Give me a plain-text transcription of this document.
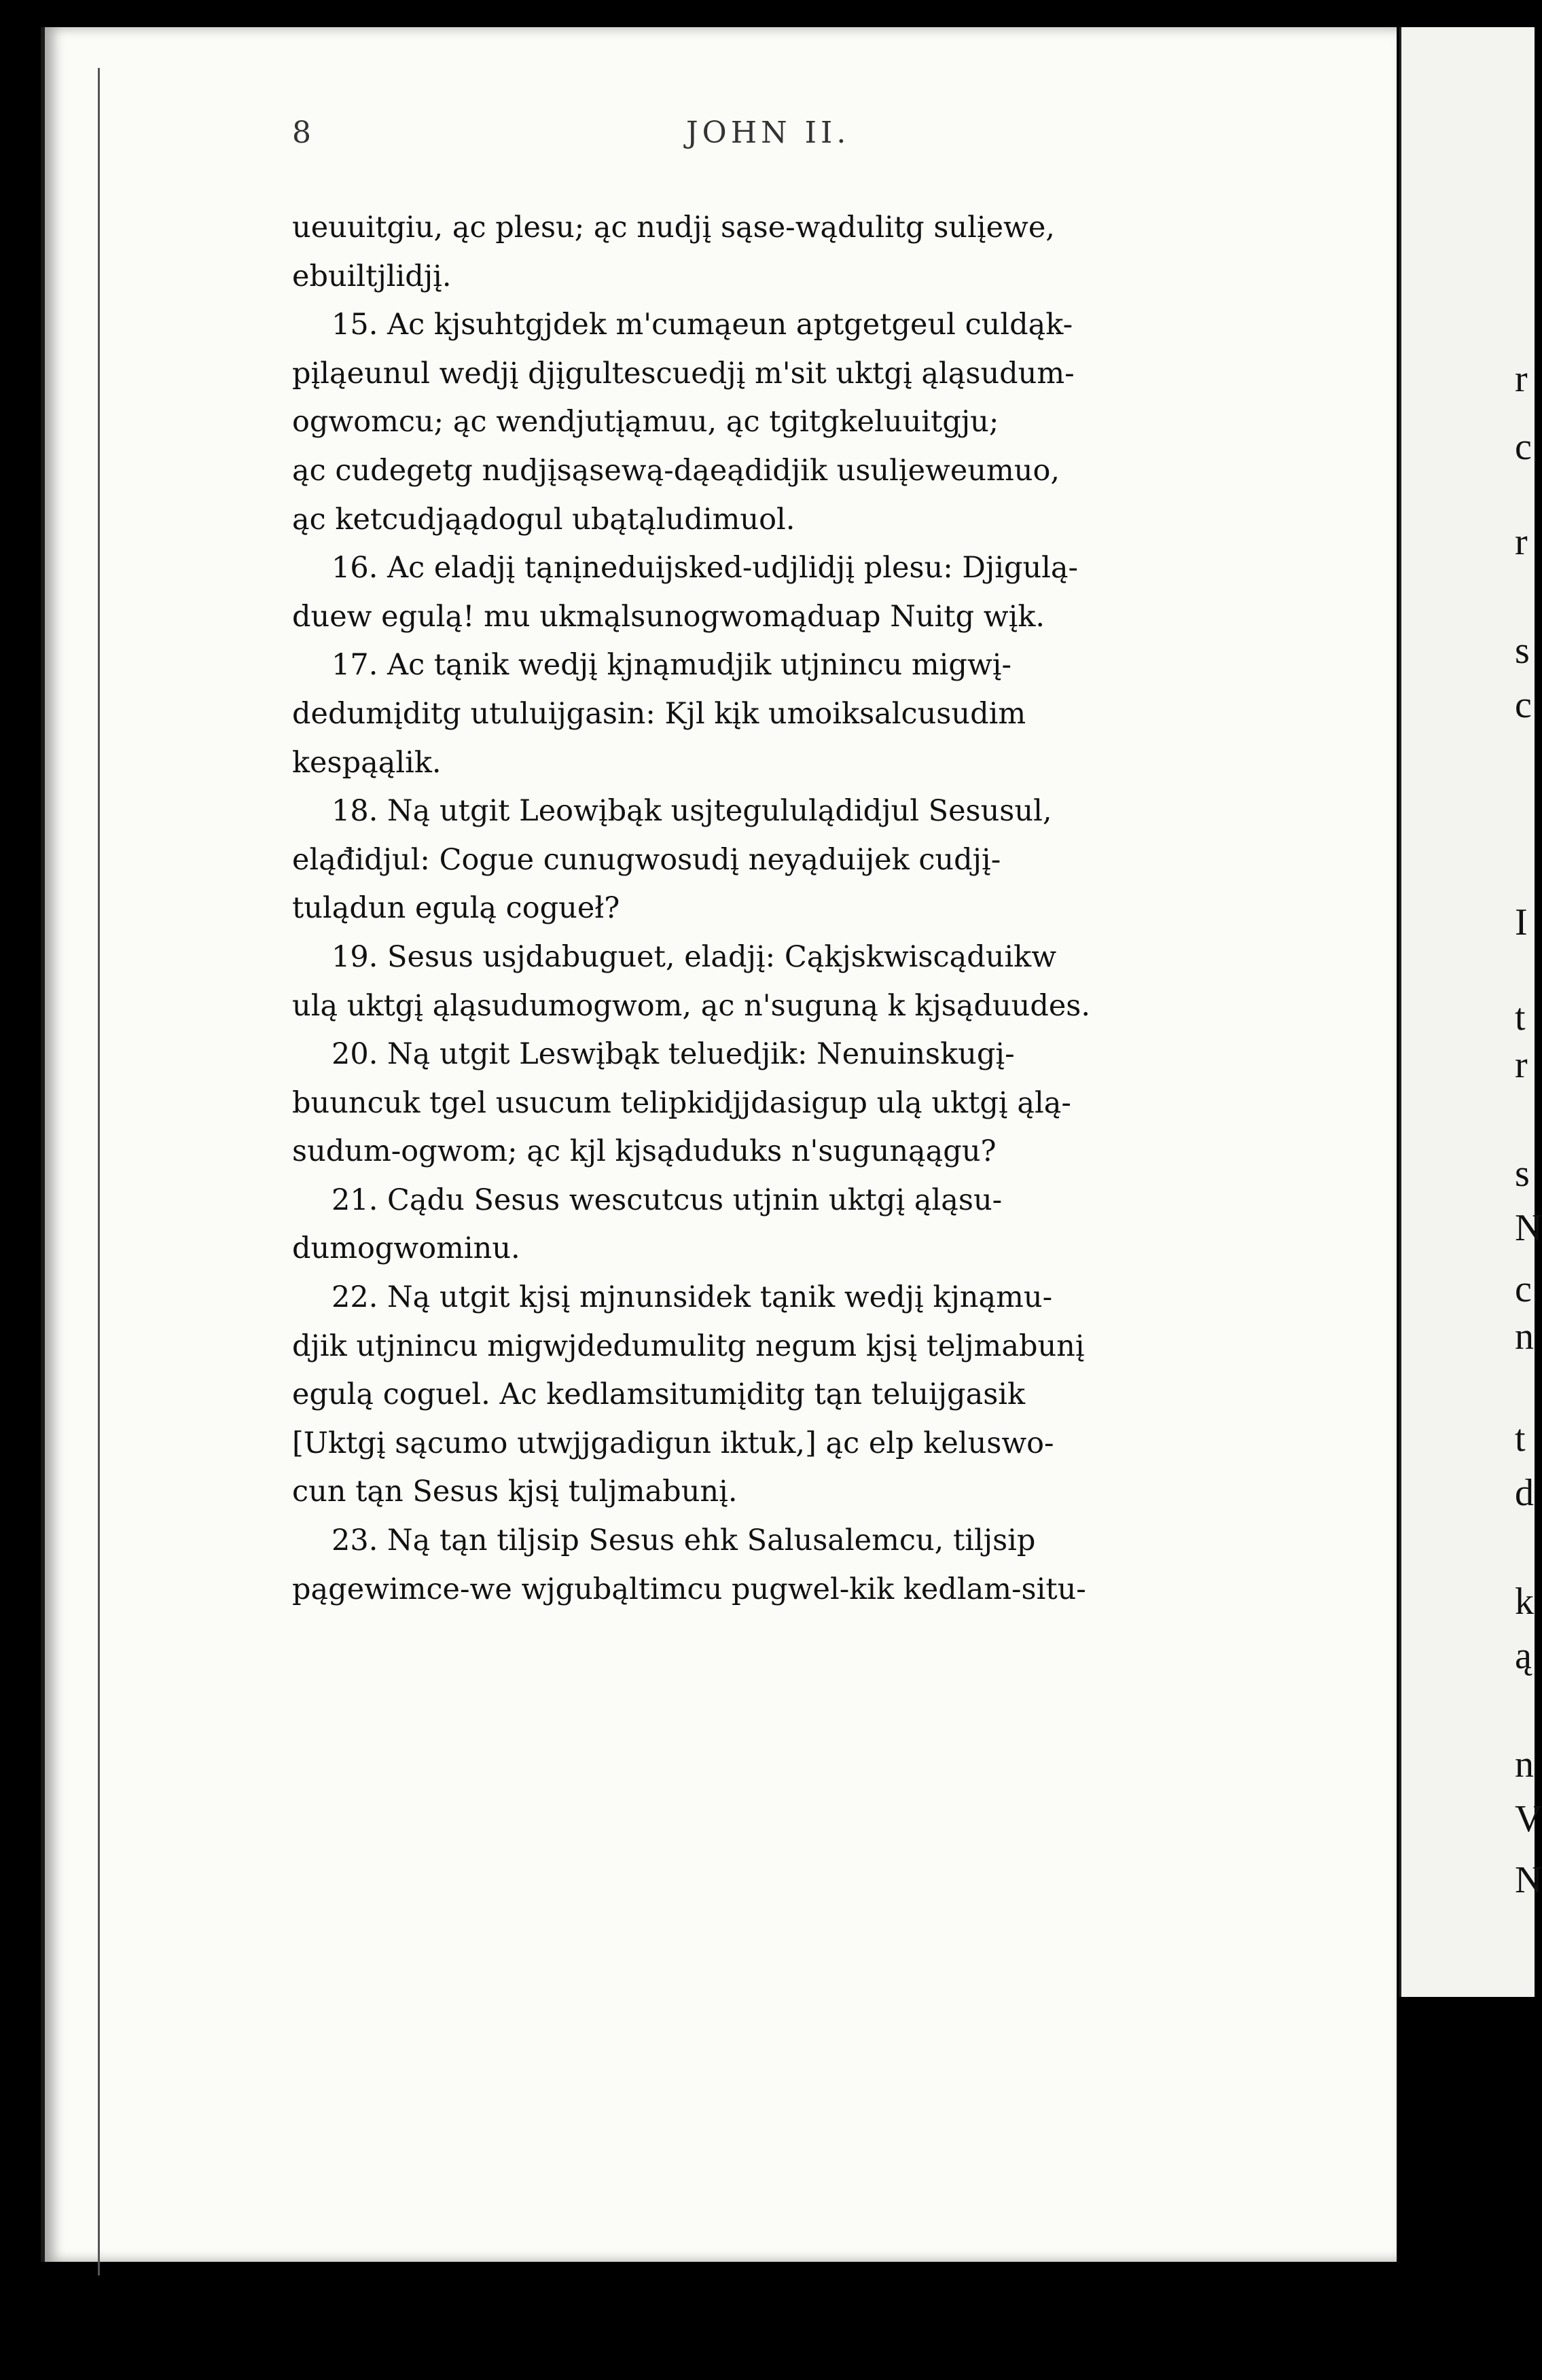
8	JOHN II.
ueuuitgiu, ąc plesu; ąc nudjį sąse-wądulitg sulįewe,
ebuiltjlidjį.
15. Ac kjsuhtgjdek m'cumąeun aptgetgeul culdąk-
pįląeunul wedjį djįgultescuedjį m'sit uktgį ąląsudum-
ogwomcu; ąc wendjutįąmuu, ąc tgitgkeluuitgju;
ąc cudegetg nudjįsąsewą-dąeądidjik usulįeweumuo,
ąc ketcudjąądogul ubątąludimuol.
16. Ac eladjį tąnįneduijsked-udjlidjį plesu: Djigulą-
duew egulą! mu ukmąlsunogwomąduap Nuitg wįk.
17. Ac tąnik wedjį kjnąmudjik utjnincu migwį-
dedumįditg utuluijgasin: Kjl kįk umoiksalcusudim
kespąąlik.
18. Ną utgit Leowįbąk usjtegululądidjul Sesusul,
eląđidjul: Cogue cunugwosudį neyąduijek cudjį-
tulądun egulą cogueł?
19. Sesus usjdabuguet, eladjį: Cąkjskwiscąduikw
ulą uktgį ąląsudumogwom, ąc n'suguną k kjsąduudes.
20. Ną utgit Leswįbąk teluedjik: Nenuinskugį-
buuncuk tgel usucum telipkidjjdasigup ulą uktgį ąlą-
sudum-ogwom; ąc kjl kjsąduduks n'sugunąągu?
21. Cądu Sesus wescutcus utjnin uktgį ąląsu-
dumogwominu.
22. Ną utgit kjsį mjnunsidek tąnik wedjį kjnąmu-
djik utjnincu migwjdedumulitg negum kjsį teljmabunį
egulą coguel. Ac kedlamsitumįditg tąn teluijgasik
[Uktgį sącumo utwjjgadigun iktuk,] ąc elp keluswo-
cun tąn Sesus kjsį tuljmabunį.
23. Ną tąn tiljsip Sesus ehk Salusalemcu, tiljsip
pągewimce-we wjgubąltimcu pugwel-kik kedlam-situ-
r
c
r
s
c
I
t
r
s
N
c
n
t
d
k
ą
n
V
N
